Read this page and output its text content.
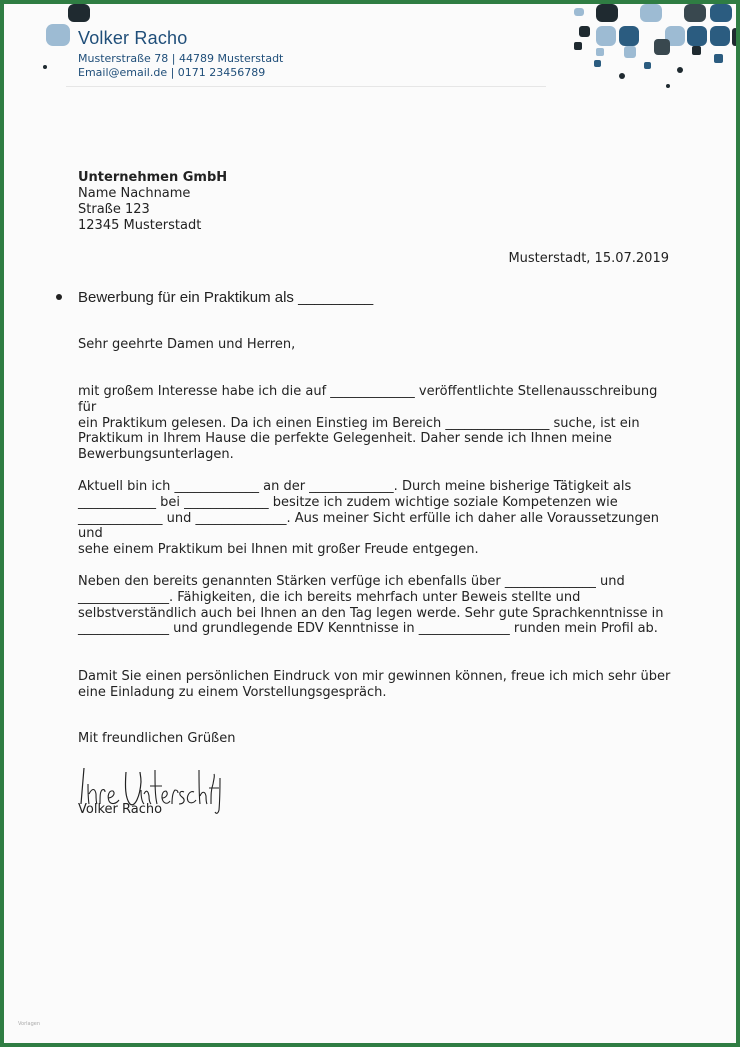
Volker Racho
Musterstraße 78 | 44789 Musterstadt
Email@email.de | 0171 23456789
Unternehmen GmbH
Name Nachname
Straße 123
12345 Musterstadt
Musterstadt, 15.07.2019
Bewerbung für ein Praktikum als _________
Sehr geehrte Damen und Herren,
mit großem Interesse habe ich die auf _____________ veröffentlichte Stellenausschreibung für
ein Praktikum gelesen. Da ich einen Einstieg im Bereich ________________ suche, ist ein
Praktikum in Ihrem Hause die perfekte Gelegenheit. Daher sende ich Ihnen meine
Bewerbungsunterlagen.
Aktuell bin ich _____________ an der _____________. Durch meine bisherige Tätigkeit als
____________ bei _____________ besitze ich zudem wichtige soziale Kompetenzen wie
_____________ und ______________. Aus meiner Sicht erfülle ich daher alle Voraussetzungen und
sehe einem Praktikum bei Ihnen mit großer Freude entgegen.
Neben den bereits genannten Stärken verfüge ich ebenfalls über ______________ und
______________. Fähigkeiten, die ich bereits mehrfach unter Beweis stellte und
selbstverständlich auch bei Ihnen an den Tag legen werde. Sehr gute Sprachkenntnisse in
______________ und grundlegende EDV Kenntnisse in ______________ runden mein Profil ab.
Damit Sie einen persönlichen Eindruck von mir gewinnen können, freue ich mich sehr über
eine Einladung zu einem Vorstellungsgespräch.
Mit freundlichen Grüßen
Volker Racho
Vorlagen
